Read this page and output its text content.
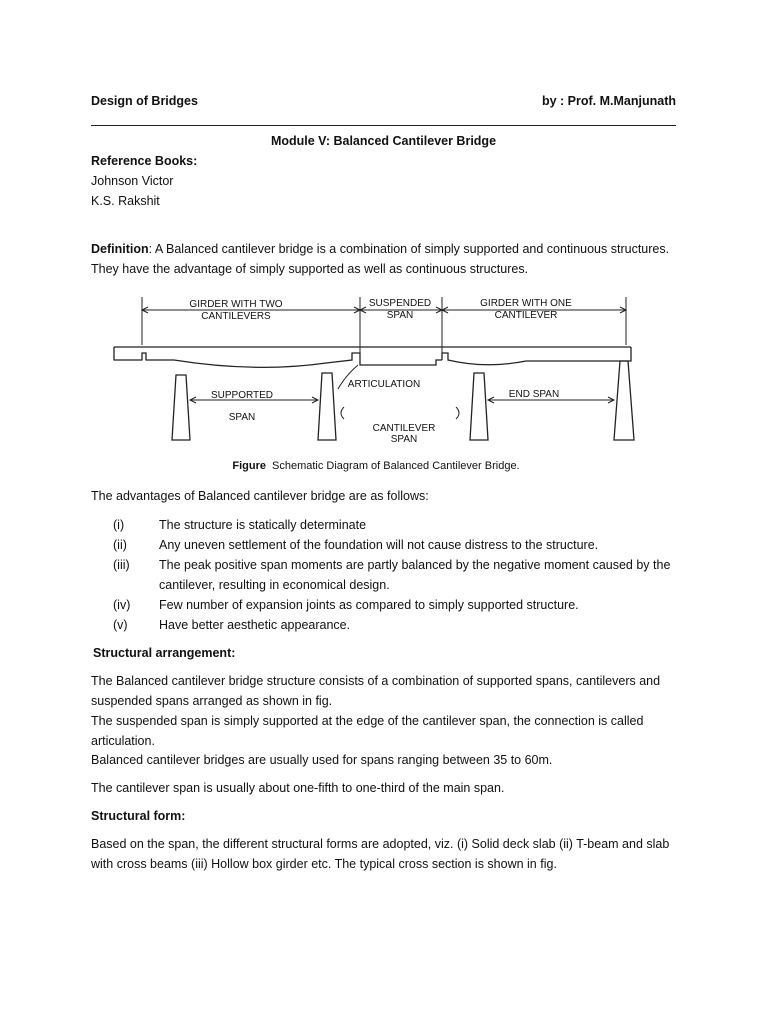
Design of Bridges	by : Prof. M.Manjunath
Module V: Balanced Cantilever Bridge
Reference Books:
Johnson Victor
K.S. Rakshit
Definition: A Balanced cantilever bridge is a combination of simply supported and continuous structures. They have the advantage of simply supported as well as continuous structures.
GIRDER WITH TWO
CANTILEVERS
SUSPENDED
SPAN
GIRDER WITH ONE
CANTILEVER
ARTICULATION
SUPPORTED
SPAN
END SPAN
CANTILEVER
SPAN
Figure Schematic Diagram of Balanced Cantilever Bridge.
The advantages of Balanced cantilever bridge are as follows:
(i)	The structure is statically determinate
(ii)	Any uneven settlement of the foundation will not cause distress to the structure.
(iii)	The peak positive span moments are partly balanced by the negative moment caused by the cantilever, resulting in economical design.
(iv)	Few number of expansion joints as compared to simply supported structure.
(v)	Have better aesthetic appearance.
Structural arrangement:
The Balanced cantilever bridge structure consists of a combination of supported spans, cantilevers and suspended spans arranged as shown in fig.
The suspended span is simply supported at the edge of the cantilever span, the connection is called articulation.
Balanced cantilever bridges are usually used for spans ranging between 35 to 60m.
The cantilever span is usually about one-fifth to one-third of the main span.
Structural form:
Based on the span, the different structural forms are adopted, viz. (i) Solid deck slab (ii) T-beam and slab with cross beams (iii) Hollow box girder etc. The typical cross section is shown in fig.
